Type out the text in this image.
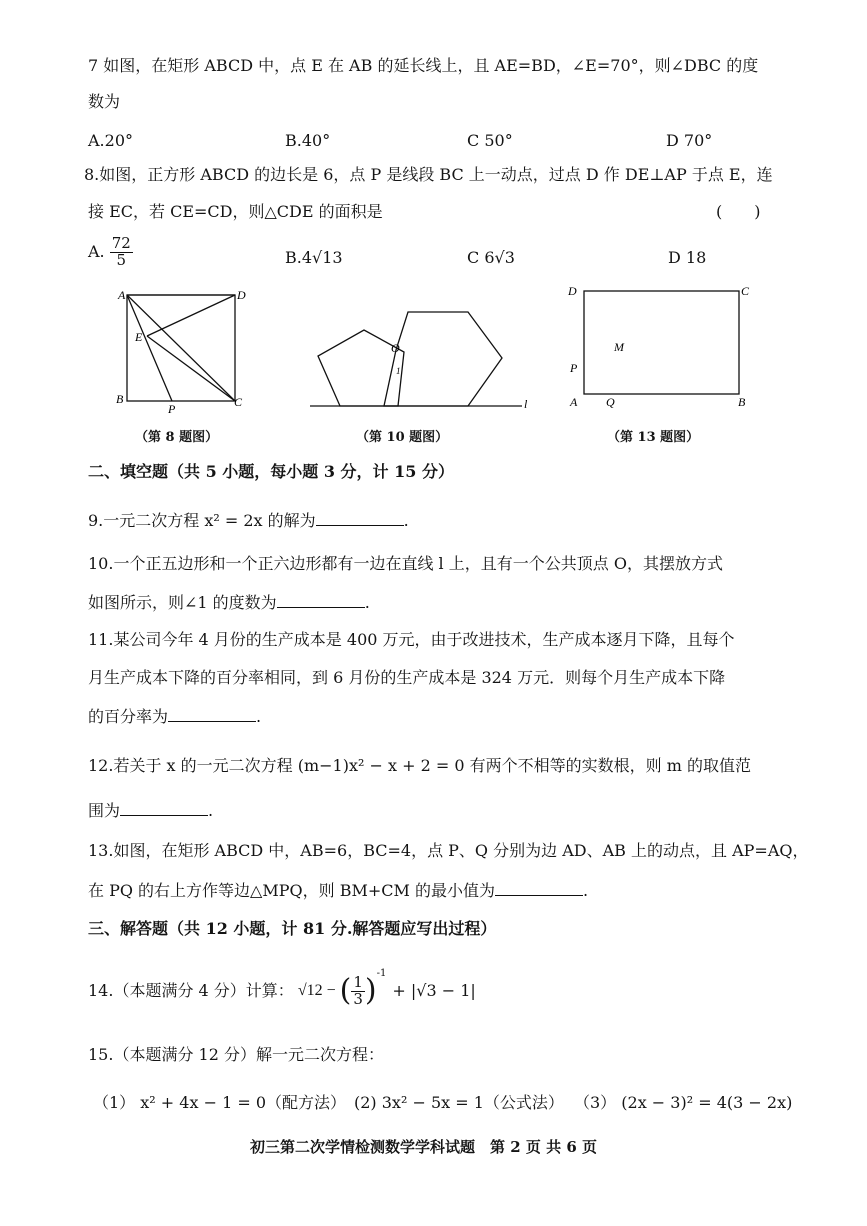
7 如图，在矩形 ABCD 中，点 E 在 AB 的延长线上，且 AE=BD，∠E=70°，则∠DBC 的度
数为
A.20°	B.40°	C 50°	D 70°
8.如图，正方形 ABCD 的边长是 6，点 P 是线段 BC 上一动点，过点 D 作 DE⊥AP 于点 E，连
接 EC，若 CE=CD，则△CDE 的面积是	(　　)
A. $\frac{72}{5}$	B.4√13	C 6√3	D 18
A	D
E
B
P	C
（第 8 题图）
O
1
l
（第 10 题图）
D	C
M
P
A Q	B
（第 13 题图）
二、填空题（共 5 小题，每小题 3 分，计 15 分）
9.一元二次方程 x² = 2x 的解为	.
10.一个正五边形和一个正六边形都有一边在直线 l 上，且有一个公共顶点 O，其摆放方式
如图所示，则∠1 的度数为	.
11.某公司今年 4 月份的生产成本是 400 万元，由于改进技术，生产成本逐月下降，且每个
月生产成本下降的百分率相同，到 6 月份的生产成本是 324 万元．则每个月生产成本下降
的百分率为	.
12.若关于 x 的一元二次方程 (m−1)x² − x + 2 = 0 有两个不相等的实数根，则 m 的取值范
围为	.
13.如图，在矩形 ABCD 中，AB=6，BC=4，点 P、Q 分别为边 AD、AB 上的动点，且 AP=AQ，
在 PQ 的右上方作等边△MPQ，则 BM+CM 的最小值为	.
三、解答题（共 12 小题，计 81 分.解答题应写出过程）
14.（本题满分 4 分）计算： √12 − ( $\frac{1}{3}$ ) -1
+ |√3 − 1|
15.（本题满分 12 分）解一元二次方程：
（1） x² + 4x − 1 = 0（配方法） (2) 3x² − 5x = 1（公式法） （3） (2x − 3)² = 4(3 − 2x)
初三第二次学情检测数学学科试题　第 2 页 共 6 页
